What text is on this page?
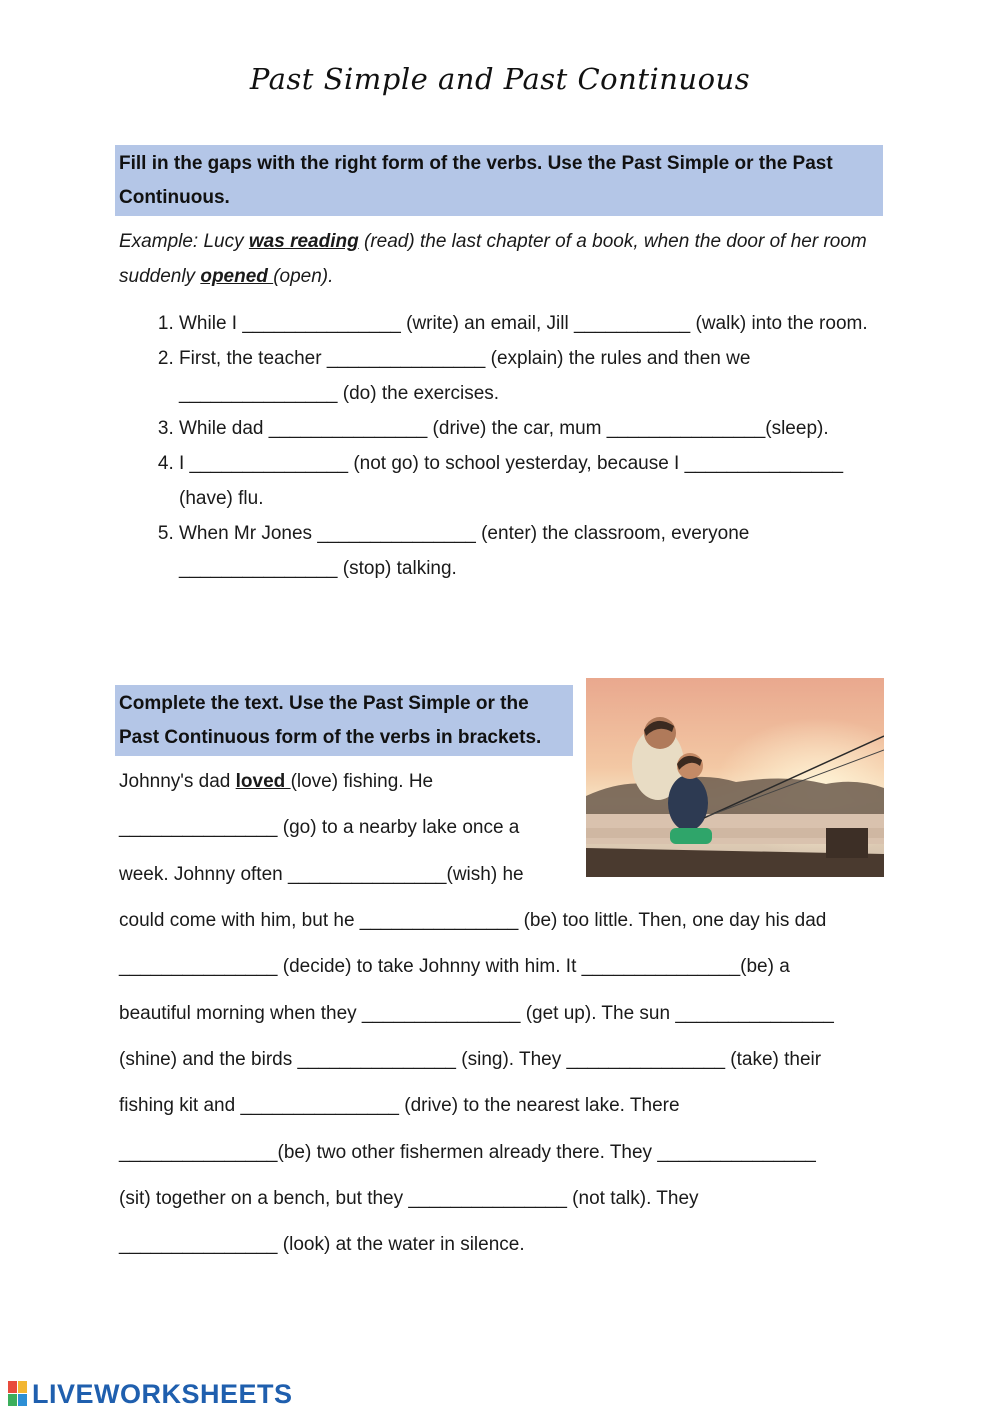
Past Simple and Past Continuous
Fill in the gaps with the right form of the verbs. Use the Past Simple or the Past Continuous.
Example: Lucy was reading (read) the last chapter of a book, when the door of her room suddenly opened (open).
1. While I _______________ (write) an email, Jill ___________ (walk) into the room.
2. First, the teacher _______________ (explain) the rules and then we _______________ (do) the exercises.
3. While dad _______________ (drive) the car, mum _______________(sleep).
4. I _______________ (not go) to school yesterday, because I _______________ (have) flu.
5. When Mr Jones _______________ (enter) the classroom, everyone _______________ (stop) talking.
Complete the text. Use the Past Simple or the Past Continuous form of the verbs in brackets.
Johnny's dad loved (love) fishing. He
_______________ (go) to a nearby lake once a
week. Johnny often _______________(wish) he
could come with him, but he _______________ (be) too little. Then, one day his dad
_______________ (decide) to take Johnny with him. It _______________(be) a
beautiful morning when they _______________ (get up). The sun _______________
(shine) and the birds _______________ (sing). They _______________ (take) their
fishing kit and _______________ (drive) to the nearest lake. There
_______________(be) two other fishermen already there. They _______________
(sit) together on a bench, but they _______________ (not talk). They
_______________ (look) at the water in silence.
LIVEWORKSHEETS
